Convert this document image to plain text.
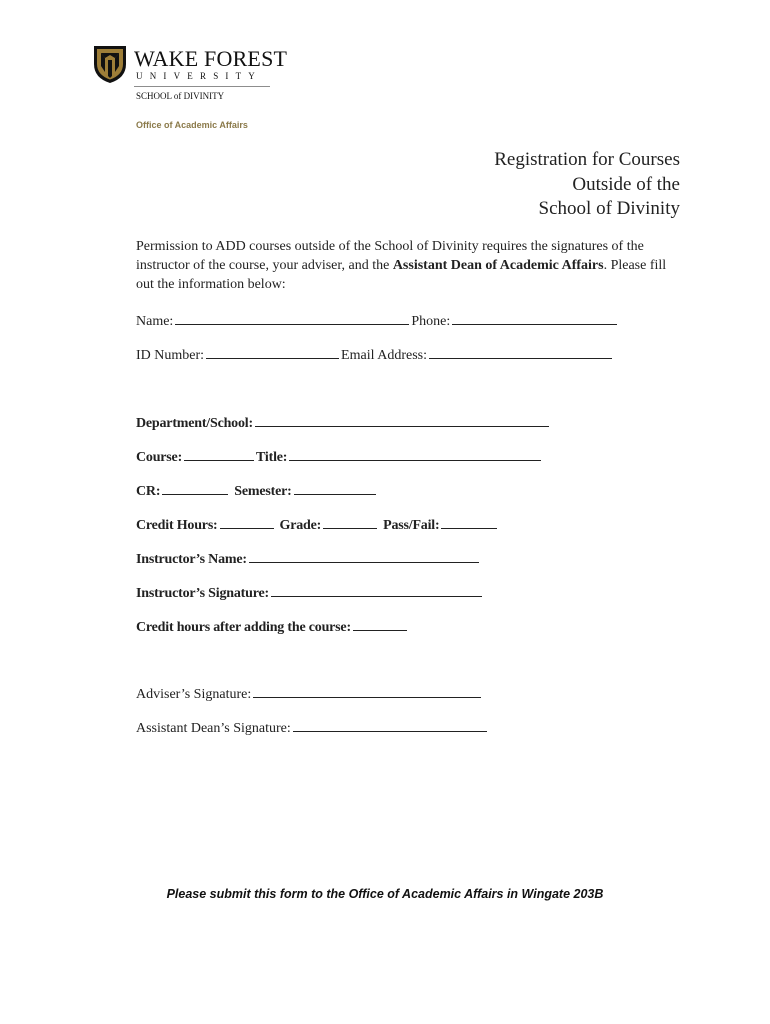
WAKE FOREST
UNIVERSITY
SCHOOL of DIVINITY
Office of Academic Affairs
Registration for Courses
Outside of the
School of Divinity
Permission to ADD courses outside of the School of Divinity requires the signatures of the instructor of the course, your adviser, and the Assistant Dean of Academic Affairs. Please fill out the information below:
Name:	Phone:
ID Number:	Email Address:
Department/School:
Course:	Title:
CR:	Semester:
Credit Hours:	Grade:	Pass/Fail:
Instructor’s Name:
Instructor’s Signature:
Credit hours after adding the course:
Adviser’s Signature:
Assistant Dean’s Signature:
Please submit this form to the Office of Academic Affairs in Wingate 203B
